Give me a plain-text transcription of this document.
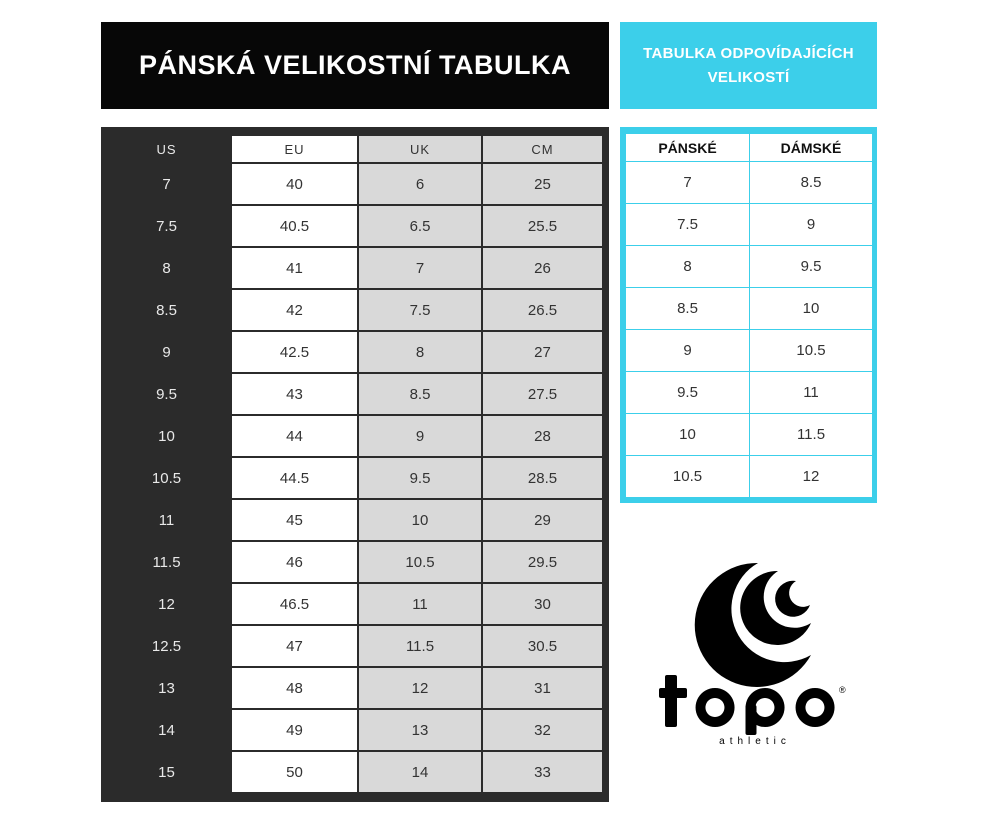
PÁNSKÁ VELIKOSTNÍ TABULKA	TABULKA ODPOVÍDAJÍCÍCH VELIKOSTÍ
US	EU	UK	CM
7	40	6	25
7.5	40.5	6.5	25.5
8	41	7	26
8.5	42	7.5	26.5
9	42.5	8	27
9.5	43	8.5	27.5
10	44	9	28
10.5	44.5	9.5	28.5
11	45	10	29
11.5	46	10.5	29.5
12	46.5	11	30
12.5	47	11.5	30.5
13	48	12	31
14	49	13	32
15	50	14	33
PÁNSKÉ	DÁMSKÉ
7	8.5
7.5	9
8	9.5
8.5	10
9	10.5
9.5	11
10	11.5
10.5	12
®
athletic
